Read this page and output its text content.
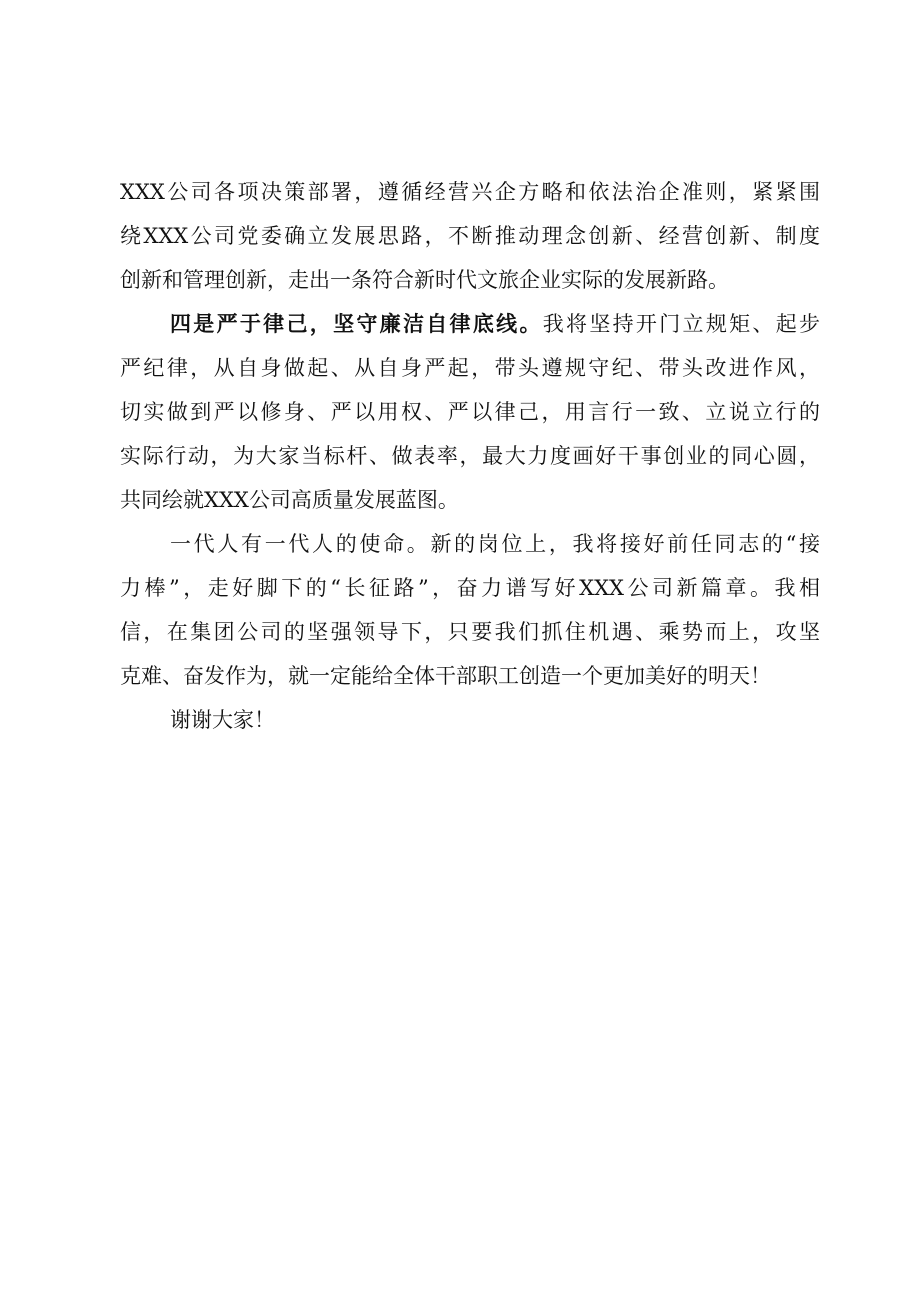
XXX公司各项决策部署，遵循经营兴企方略和依法治企准则，紧紧围
绕XXX公司党委确立发展思路，不断推动理念创新、经营创新、制度
创新和管理创新，走出一条符合新时代文旅企业实际的发展新路。
四是严于律己，坚守廉洁自律底线。我将坚持开门立规矩、起步
严纪律，从自身做起、从自身严起，带头遵规守纪、带头改进作风，
切实做到严以修身、严以用权、严以律己，用言行一致、立说立行的
实际行动，为大家当标杆、做表率，最大力度画好干事创业的同心圆，
共同绘就XXX公司高质量发展蓝图。
一代人有一代人的使命。新的岗位上，我将接好前任同志的“接
力棒”，走好脚下的“长征路”，奋力谱写好XXX公司新篇章。我相
信，在集团公司的坚强领导下，只要我们抓住机遇、乘势而上，攻坚
克难、奋发作为，就一定能给全体干部职工创造一个更加美好的明天！
谢谢大家！
